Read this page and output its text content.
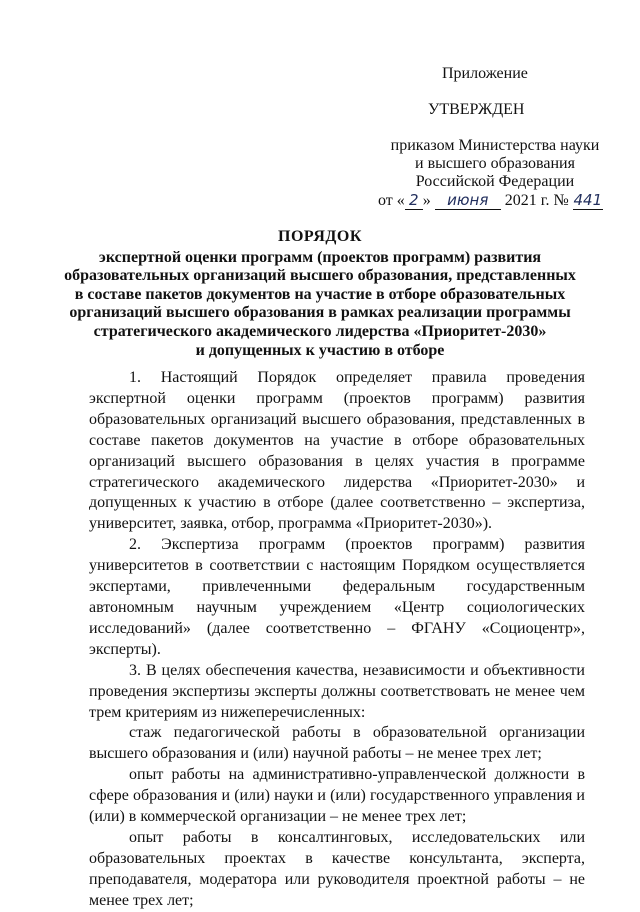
Приложение
УТВЕРЖДЕН
приказом Министерства науки
и высшего образования
Российской Федерации
от « 2 » июня 2021 г. № 441
ПОРЯДОК
экспертной оценки программ (проектов программ) развития
образовательных организаций высшего образования, представленных
в составе пакетов документов на участие в отборе образовательных
организаций высшего образования в рамках реализации программы
стратегического академического лидерства «Приоритет-2030»
и допущенных к участию в отборе

1. Настоящий Порядок определяет правила проведения экспертной оценки программ (проектов программ) развития образовательных организаций высшего образования, представленных в составе пакетов документов на участие в отборе образовательных организаций высшего образования в целях участия в программе стратегического академического лидерства «Приоритет-2030» и допущенных к участию в отборе (далее соответственно – экспертиза, университет, заявка, отбор, программа «Приоритет-2030»).

2. Экспертиза программ (проектов программ) развития университетов в соответствии с настоящим Порядком осуществляется экспертами, привлеченными федеральным государственным автономным научным учреждением «Центр социологических исследований» (далее соответственно – ФГАНУ «Социоцентр», эксперты).

3. В целях обеспечения качества, независимости и объективности проведения экспертизы эксперты должны соответствовать не менее чем трем критериям из нижеперечисленных:

стаж педагогической работы в образовательной организации высшего образования и (или) научной работы – не менее трех лет;

опыт работы на административно-управленческой должности в сфере образования и (или) науки и (или) государственного управления и (или) в коммерческой организации – не менее трех лет;

опыт работы в консалтинговых, исследовательских или образовательных проектах в качестве консультанта, эксперта, преподавателя, модератора или руководителя проектной работы – не менее трех лет;
